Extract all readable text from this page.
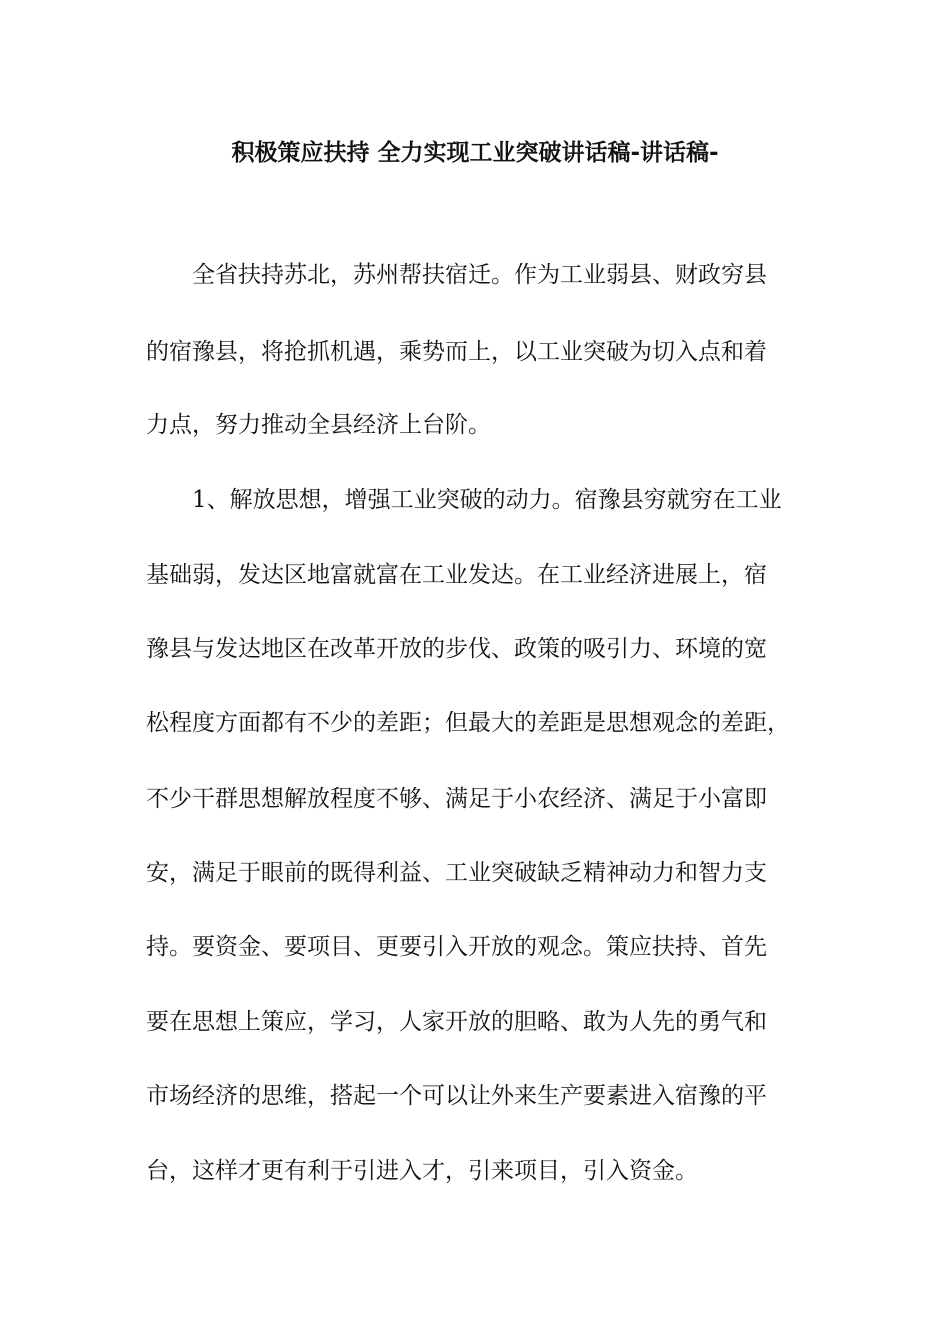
积极策应扶持 全力实现工业突破讲话稿-讲话稿-
全省扶持苏北，苏州帮扶宿迁。作为工业弱县、财政穷县
的宿豫县，将抢抓机遇，乘势而上，以工业突破为切入点和着
力点，努力推动全县经济上台阶。
1、解放思想，增强工业突破的动力。宿豫县穷就穷在工业
基础弱，发达区地富就富在工业发达。在工业经济进展上，宿
豫县与发达地区在改革开放的步伐、政策的吸引力、环境的宽
松程度方面都有不少的差距；但最大的差距是思想观念的差距，
不少干群思想解放程度不够、满足于小农经济、满足于小富即
安，满足于眼前的既得利益、工业突破缺乏精神动力和智力支
持。要资金、要项目、更要引入开放的观念。策应扶持、首先
要在思想上策应，学习，人家开放的胆略、敢为人先的勇气和
市场经济的思维，搭起一个可以让外来生产要素进入宿豫的平
台，这样才更有利于引进入才，引来项目，引入资金。
